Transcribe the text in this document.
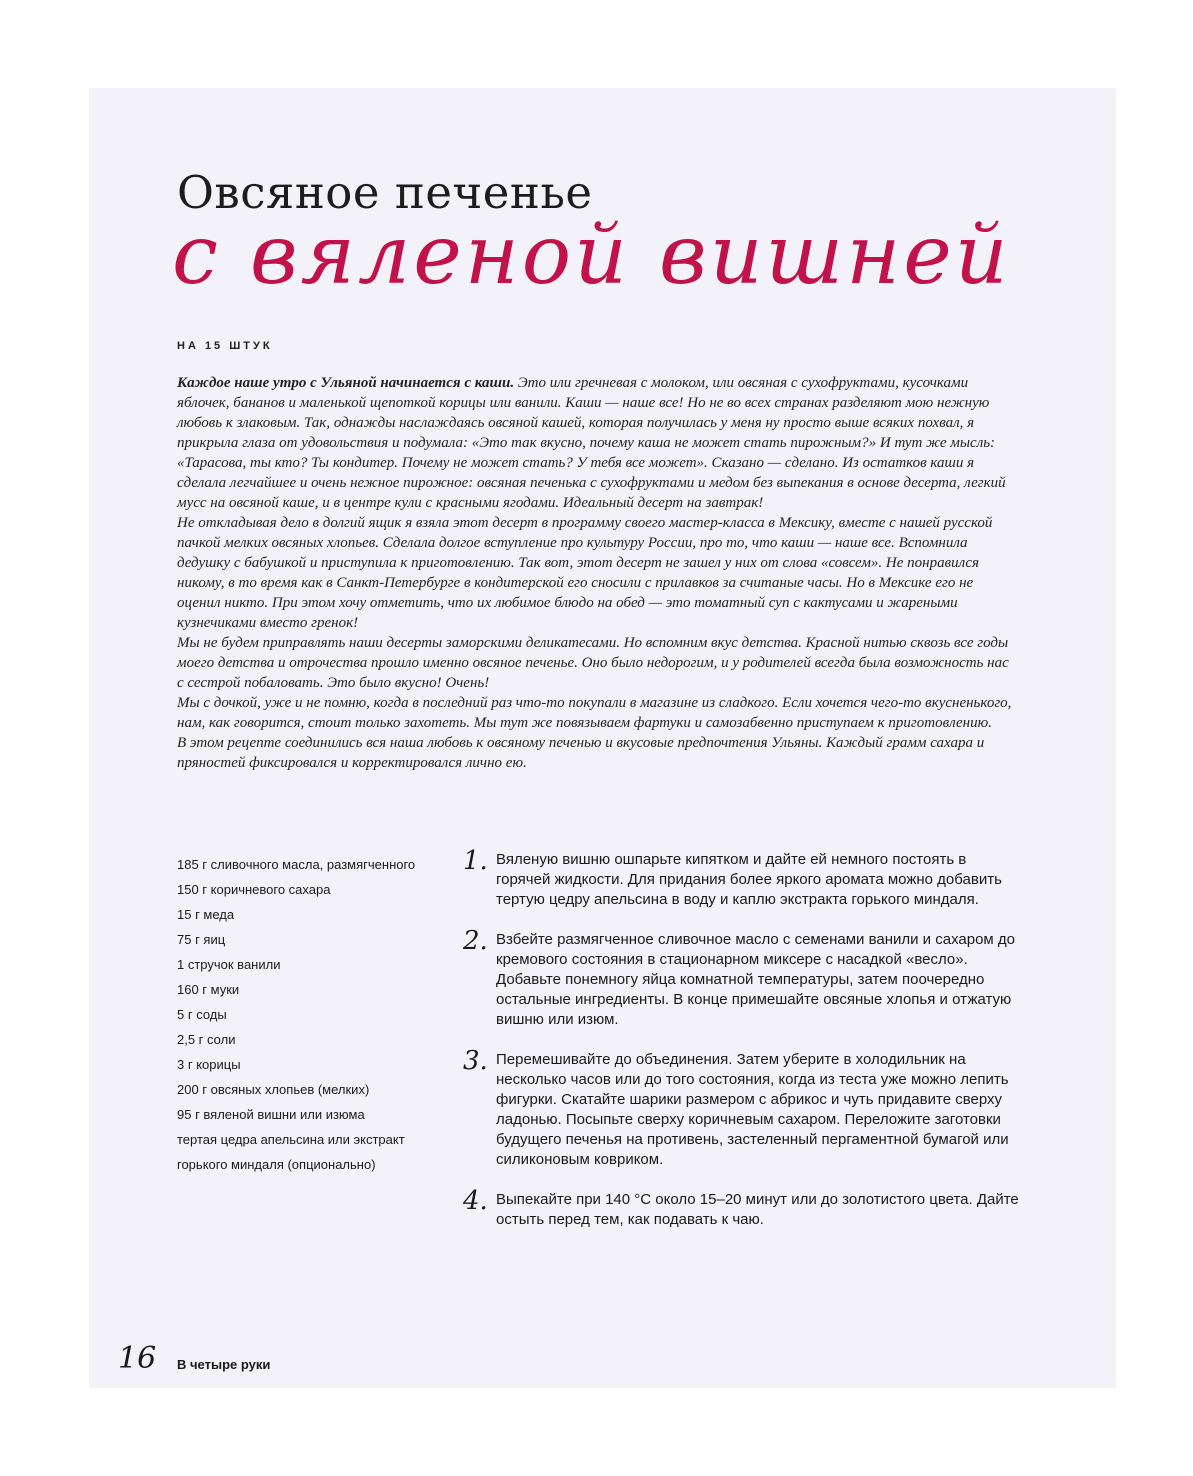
Овсяное печенье
с вяленой вишней
НА 15 ШТУК

Каждое наше утро с Ульяной начинается с каши. Это или гречневая с молоком, или овсяная с сухофруктами, кусочками яблочек, бананов и маленькой щепоткой корицы или ванили. Каши — наше все! Но не во всех странах разделяют мою нежную любовь к злаковым. Так, однажды наслаждаясь овсяной кашей, которая получилась у меня ну просто выше всяких похвал, я прикрыла глаза от удовольствия и подумала: «Это так вкусно, почему каша не может стать пирожным?» И тут же мысль: «Тарасова, ты кто? Ты кондитер. Почему не может стать? У тебя все может». Сказано — сделано. Из остатков каши я сделала легчайшее и очень нежное пирожное: овсяная печенька с сухофруктами и медом без выпекания в основе десерта, легкий мусс на овсяной каше, и в центре кули с красными ягодами. Идеальный десерт на завтрак!

Не откладывая дело в долгий ящик я взяла этот десерт в программу своего мастер-класса в Мексику, вместе с нашей русской пачкой мелких овсяных хлопьев. Сделала долгое вступление про культуру России, про то, что каши — наше все. Вспомнила дедушку с бабушкой и приступила к приготовлению. Так вот, этот десерт не зашел у них от слова «совсем». Не понравился никому, в то время как в Санкт-Петербурге в кондитерской его сносили с прилавков за считаные часы. Но в Мексике его не оценил никто. При этом хочу отметить, что их любимое блюдо на обед — это томатный суп с кактусами и жареными кузнечиками вместо гренок!

Мы не будем приправлять наши десерты заморскими деликатесами. Но вспомним вкус детства. Красной нитью сквозь все годы моего детства и отрочества прошло именно овсяное печенье. Оно было недорогим, и у родителей всегда была возможность нас с сестрой побаловать. Это было вкусно! Очень!

Мы с дочкой, уже и не помню, когда в последний раз что-то покупали в магазине из сладкого. Если хочется чего-то вкусненького, нам, как говорится, стоит только захотеть. Мы тут же повязываем фартуки и самозабвенно приступаем к приготовлению.

В этом рецепте соединились вся наша любовь к овсяному печенью и вкусовые предпочтения Ульяны. Каждый грамм сахара и пряностей фиксировался и корректировался лично ею.

185 г сливочного масла, размягченного
150 г коричневого сахара
15 г меда
75 г яиц
1 стручок ванили
160 г муки
5 г соды
2,5 г соли
3 г корицы
200 г овсяных хлопьев (мелких)
95 г вяленой вишни или изюма
тертая цедра апельсина или экстракт горького миндаля (опционально)
1. Вяленую вишню ошпарьте кипятком и дайте ей немного постоять в горячей жидкости. Для придания более яркого аромата можно добавить тертую цедру апельсина в воду и каплю экстракта горького миндаля.
2. Взбейте размягченное сливочное масло с семенами ванили и сахаром до кремового состояния в стационарном миксере с насадкой «весло». Добавьте понемногу яйца комнатной температуры, затем поочередно остальные ингредиенты. В конце примешайте овсяные хлопья и отжатую вишню или изюм.
3. Перемешивайте до объединения. Затем уберите в холодильник на несколько часов или до того состояния, когда из теста уже можно лепить фигурки. Скатайте шарики размером с абрикос и чуть придавите сверху ладонью. Посыпьте сверху коричневым сахаром. Переложите заготовки будущего печенья на противень, застеленный пергаментной бумагой или силиконовым ковриком.
4. Выпекайте при 140 °С около 15–20 минут или до золотистого цвета. Дайте остыть перед тем, как подавать к чаю.
16 В четыре руки
